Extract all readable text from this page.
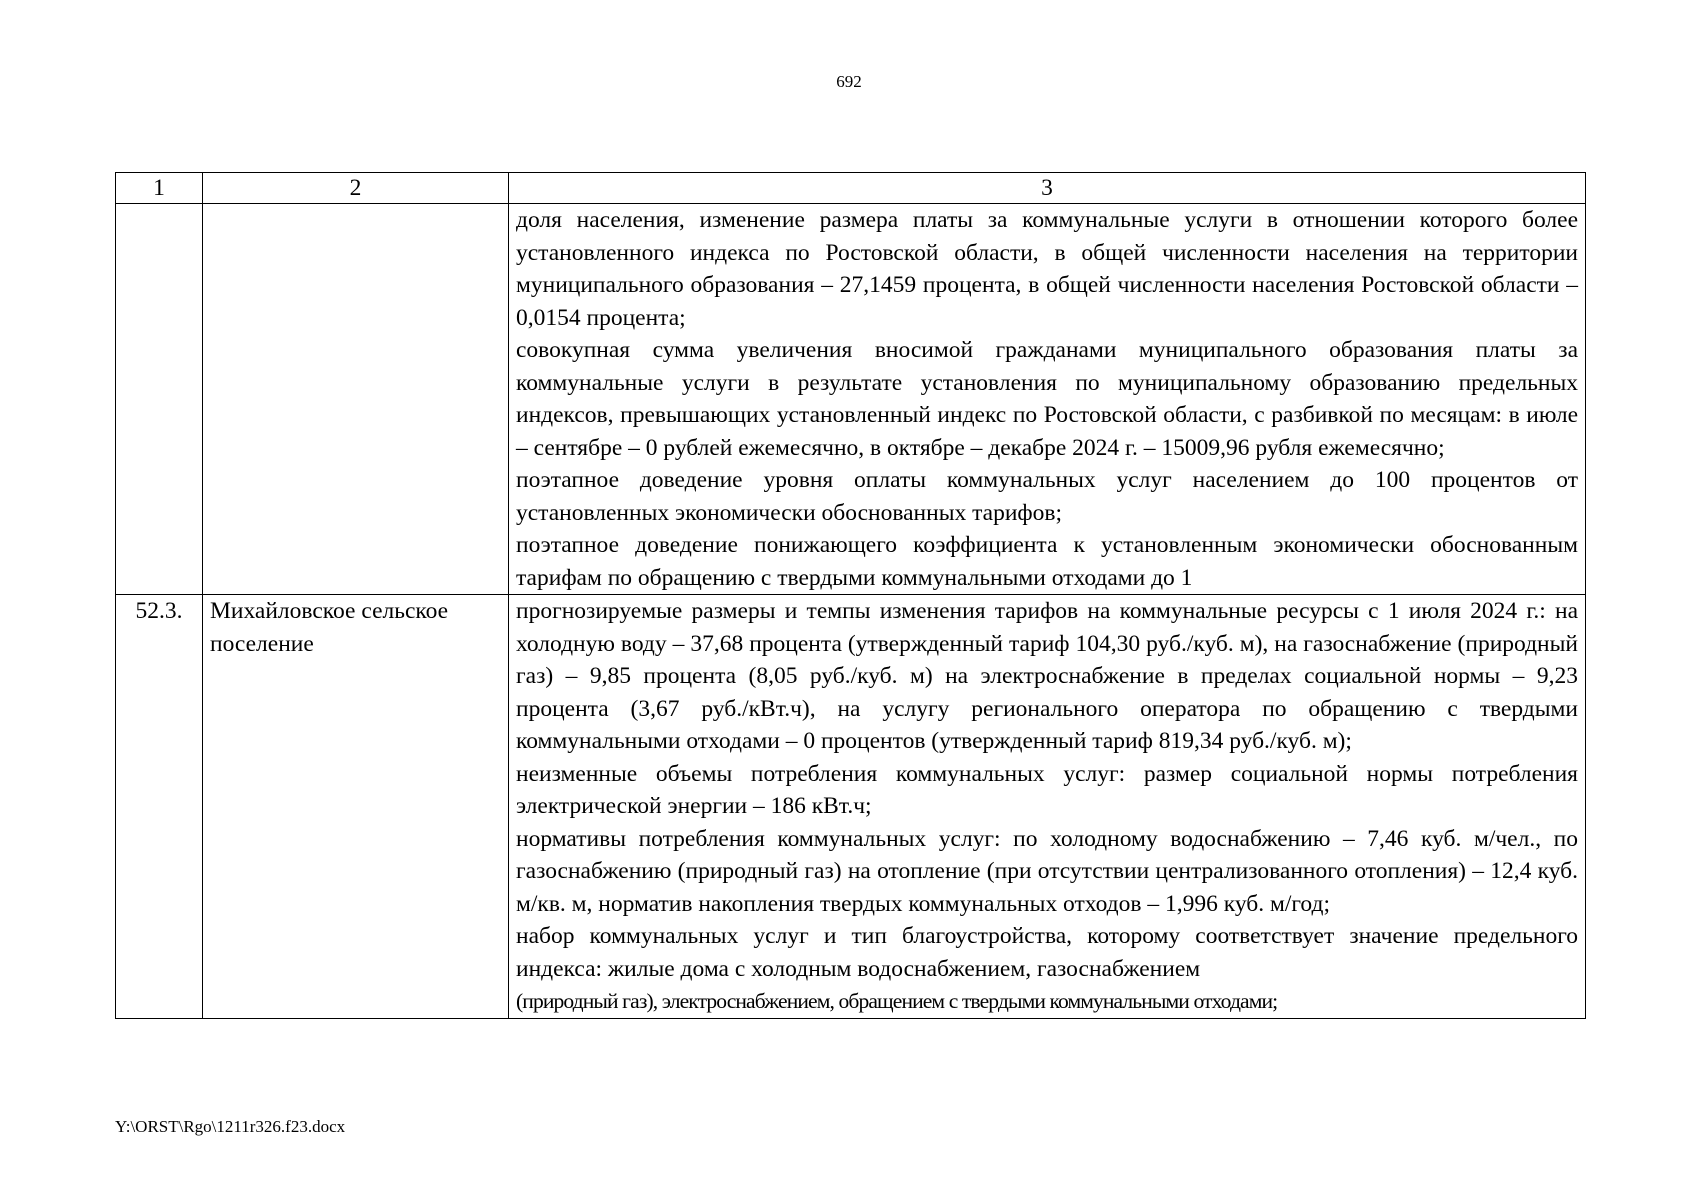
692
1	2	3

		доля населения, изменение размера платы за коммунальные услуги в отношении которого более установленного индекса по Ростовской области, в общей численности населения на территории муниципального образования – 27,1459 процента, в общей численности населения Ростовской области – 0,0154 процента;
совокупная сумма увеличения вносимой гражданами муниципального образования платы за коммунальные услуги в результате установления по муниципальному образованию предельных индексов, превышающих установленный индекс по Ростовской области, с разбивкой по месяцам: в июле – сентябре – 0 рублей ежемесячно, в октябре – декабре 2024 г. – 15009,96 рубля ежемесячно;
поэтапное доведение уровня оплаты коммунальных услуг населением до 100 процентов от установленных экономически обоснованных тарифов;
поэтапное доведение понижающего коэффициента к установленным экономически обоснованным тарифам по обращению с твердыми коммунальными отходами до 1

52.3.	Михайловское сельское поселение	прогнозируемые размеры и темпы изменения тарифов на коммунальные ресурсы с 1 июля 2024 г.: на холодную воду – 37,68 процента (утвержденный тариф 104,30 руб./куб. м), на газоснабжение (природный газ) – 9,85 процента (8,05 руб./куб. м) на электроснабжение в пределах социальной нормы – 9,23 процента (3,67 руб./кВт.ч), на услугу регионального оператора по обращению с твердыми коммунальными отходами – 0 процентов (утвержденный тариф 819,34 руб./куб. м);
неизменные объемы потребления коммунальных услуг: размер социальной нормы потребления электрической энергии – 186 кВт.ч;
нормативы потребления коммунальных услуг: по холодному водоснабжению – 7,46 куб. м/чел., по газоснабжению (природный газ) на отопление (при отсутствии централизованного отопления) – 12,4 куб. м/кв. м, норматив накопления твердых коммунальных отходов – 1,996 куб. м/год;
набор коммунальных услуг и тип благоустройства, которому соответствует значение предельного индекса: жилые дома с холодным водоснабжением, газоснабжением
(природный газ), электроснабжением, обращением с твердыми коммунальными отходами;
Y:\ORST\Rgo\1211r326.f23.docx
